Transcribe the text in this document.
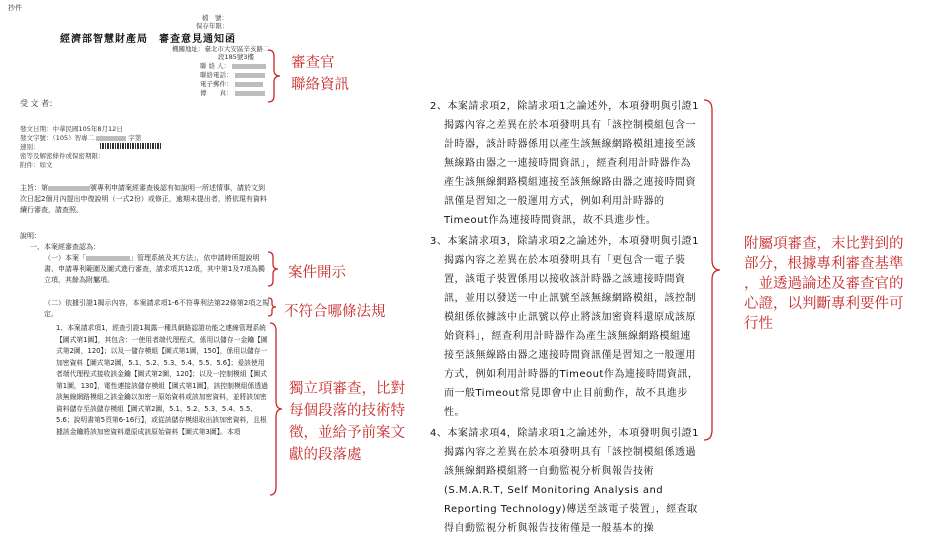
抄件
檔　號：
保存年限：
經濟部智慧財產局　審查意見通知函
機關地址：臺北市大安區辛亥路二
段185號3樓
聯 絡 人：
聯絡電話：
電子郵件：
傳　　真：
受 文 者：
發文日期：中華民國105年8月12日
發文字號：（105）智專二	字第
速別：
密等及解密條件或保密期限：
附件：如文
主旨：第	號專利申請案經審查後認有如說明一所述情事，請於文到次日起2個月內提出申復說明（一式2份）或修正，逾期未提出者，將依現有資料續行審查，請查照。
說明：
一、本案經審查認為：
（一）本案「	」管理系統及其方法」，依申請時所提說明書、申請專利範圍及圖式進行審查，請求項共12項，其中第1及7項為獨立項，其餘為附屬項。
（二）依據引證1揭示內容，本案請求項1-6不符專利法第22條第2項之規定。
1、本案請求項1，經查引證1揭露一種具網路認證功能之連線管理系統【圖式第1圖】，其包含：一使用者端代理程式，係用以儲存一金鑰【圖式第2圖，120】；以及一儲存模組【圖式第1圖，150】，係用以儲存一加密資料【圖式第2圖，5.1、5.2、5.3、5.4、5.5、5.6】；爰該使用者端代理程式接收該金鑰【圖式第2圖，120】；以及一控制模組【圖式第1圖，130】，電性連接該儲存模組【圖式第1圖】，該控制模組係透過該無線網路模組之該金鑰以加密一原始資料或該加密資料，並將該加密資料儲存至該儲存模組【圖式第2圖，5.1、5.2、5.3、5.4、5.5、5.6；說明書第5頁第6-16行】，或從該儲存模組取出該加密資料，且根據該金鑰將該加密資料還原成該原始資料【圖式第3圖】。本項
2、本案請求項2，除請求項1之論述外，本項發明與引證1揭露內容之差異在於本項發明具有「該控制模組包含一計時器，該計時器係用以產生該無線網路模組連接至該無線路由器之一連接時間資訊」，經查利用計時器作為產生該無線網路模組連接至該無線路由器之連接時間資訊僅是習知之一般運用方式，例如利用計時器的Timeout作為連接時間資訊，故不具進步性。
3、本案請求項3，除請求項2之論述外，本項發明與引證1揭露內容之差異在於本項發明具有「更包含一電子裝置，該電子裝置係用以接收該計時器之該連接時間資訊，並用以發送一中止訊號至該無線網路模組，該控制模組係依據該中止訊號以停止將該加密資料還原成該原始資料」，經查利用計時器作為產生該無線網路模組連接至該無線路由器之連接時間資訊僅是習知之一般運用方式，例如利用計時器的Timeout作為連接時間資訊，而一般Timeout常見即會中止目前動作，故不具進步性。
4、本案請求項4，除請求項1之論述外，本項發明與引證1揭露內容之差異在於本項發明具有「該控制模組係透過該無線網路模組將一自動監視分析與報告技術(S.M.A.R.T, Self Monitoring Analysis and Reporting Technology)傳送至該電子裝置」，經查取得自動監視分析與報告技術僅是一般基本的操
審查官
聯絡資訊
案件開示
不符合哪條法規
獨立項審查，比對
每個段落的技術特
徵，並給予前案文
獻的段落處
附屬項審查，末比對到的
部分，根據專利審查基準
，並透過論述及審查官的
心證，以判斷專利要件可
行性
